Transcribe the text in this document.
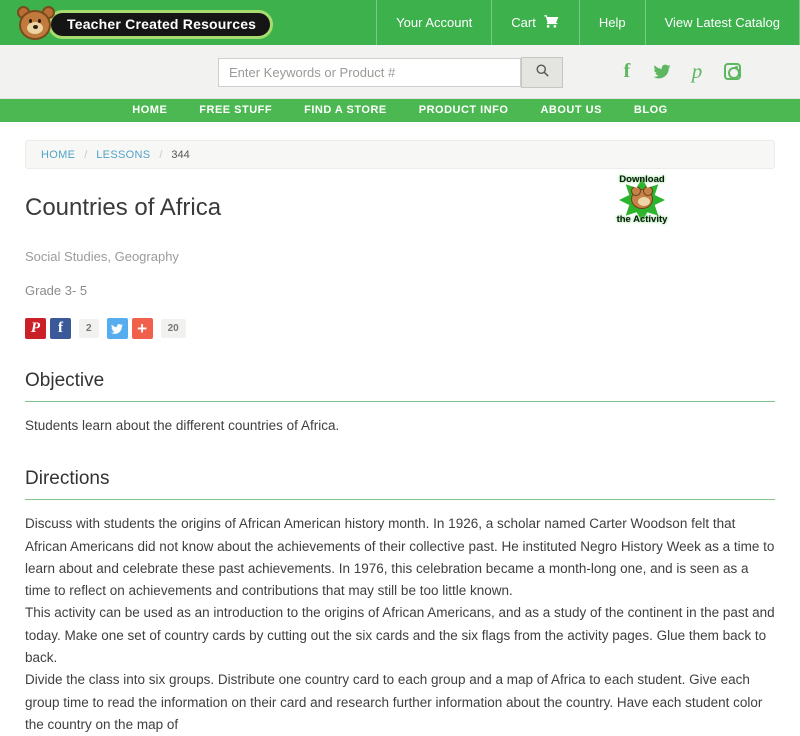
Teacher Created Resources	Your Account	Cart	Help	View Latest Catalog
Enter Keywords or Product #
f	p
HOME	FREE STUFF	FIND A STORE	PRODUCT INFO	ABOUT US	BLOG
HOME / LESSONS / 344
Countries of Africa
Download
the Activity
Social Studies, Geography
Grade 3- 5
P	f	2	+	20
Objective

Students learn about the different countries of Africa.

Directions

Discuss with students the origins of African American history month. In 1926, a scholar named Carter Woodson felt that African Americans did not know about the achievements of their collective past. He instituted Negro History Week as a time to learn about and celebrate these past achievements. In 1976, this celebration became a month-long one, and is seen as a time to reflect on achievements and contributions that may still be too little known.

This activity can be used as an introduction to the origins of African Americans, and as a study of the continent in the past and today. Make one set of country cards by cutting out the six cards and the six flags from the activity pages. Glue them back to back.

Divide the class into six groups. Distribute one country card to each group and a map of Africa to each student. Give each group time to read the information on their card and research further information about the country. Have each student color the country on the map of
